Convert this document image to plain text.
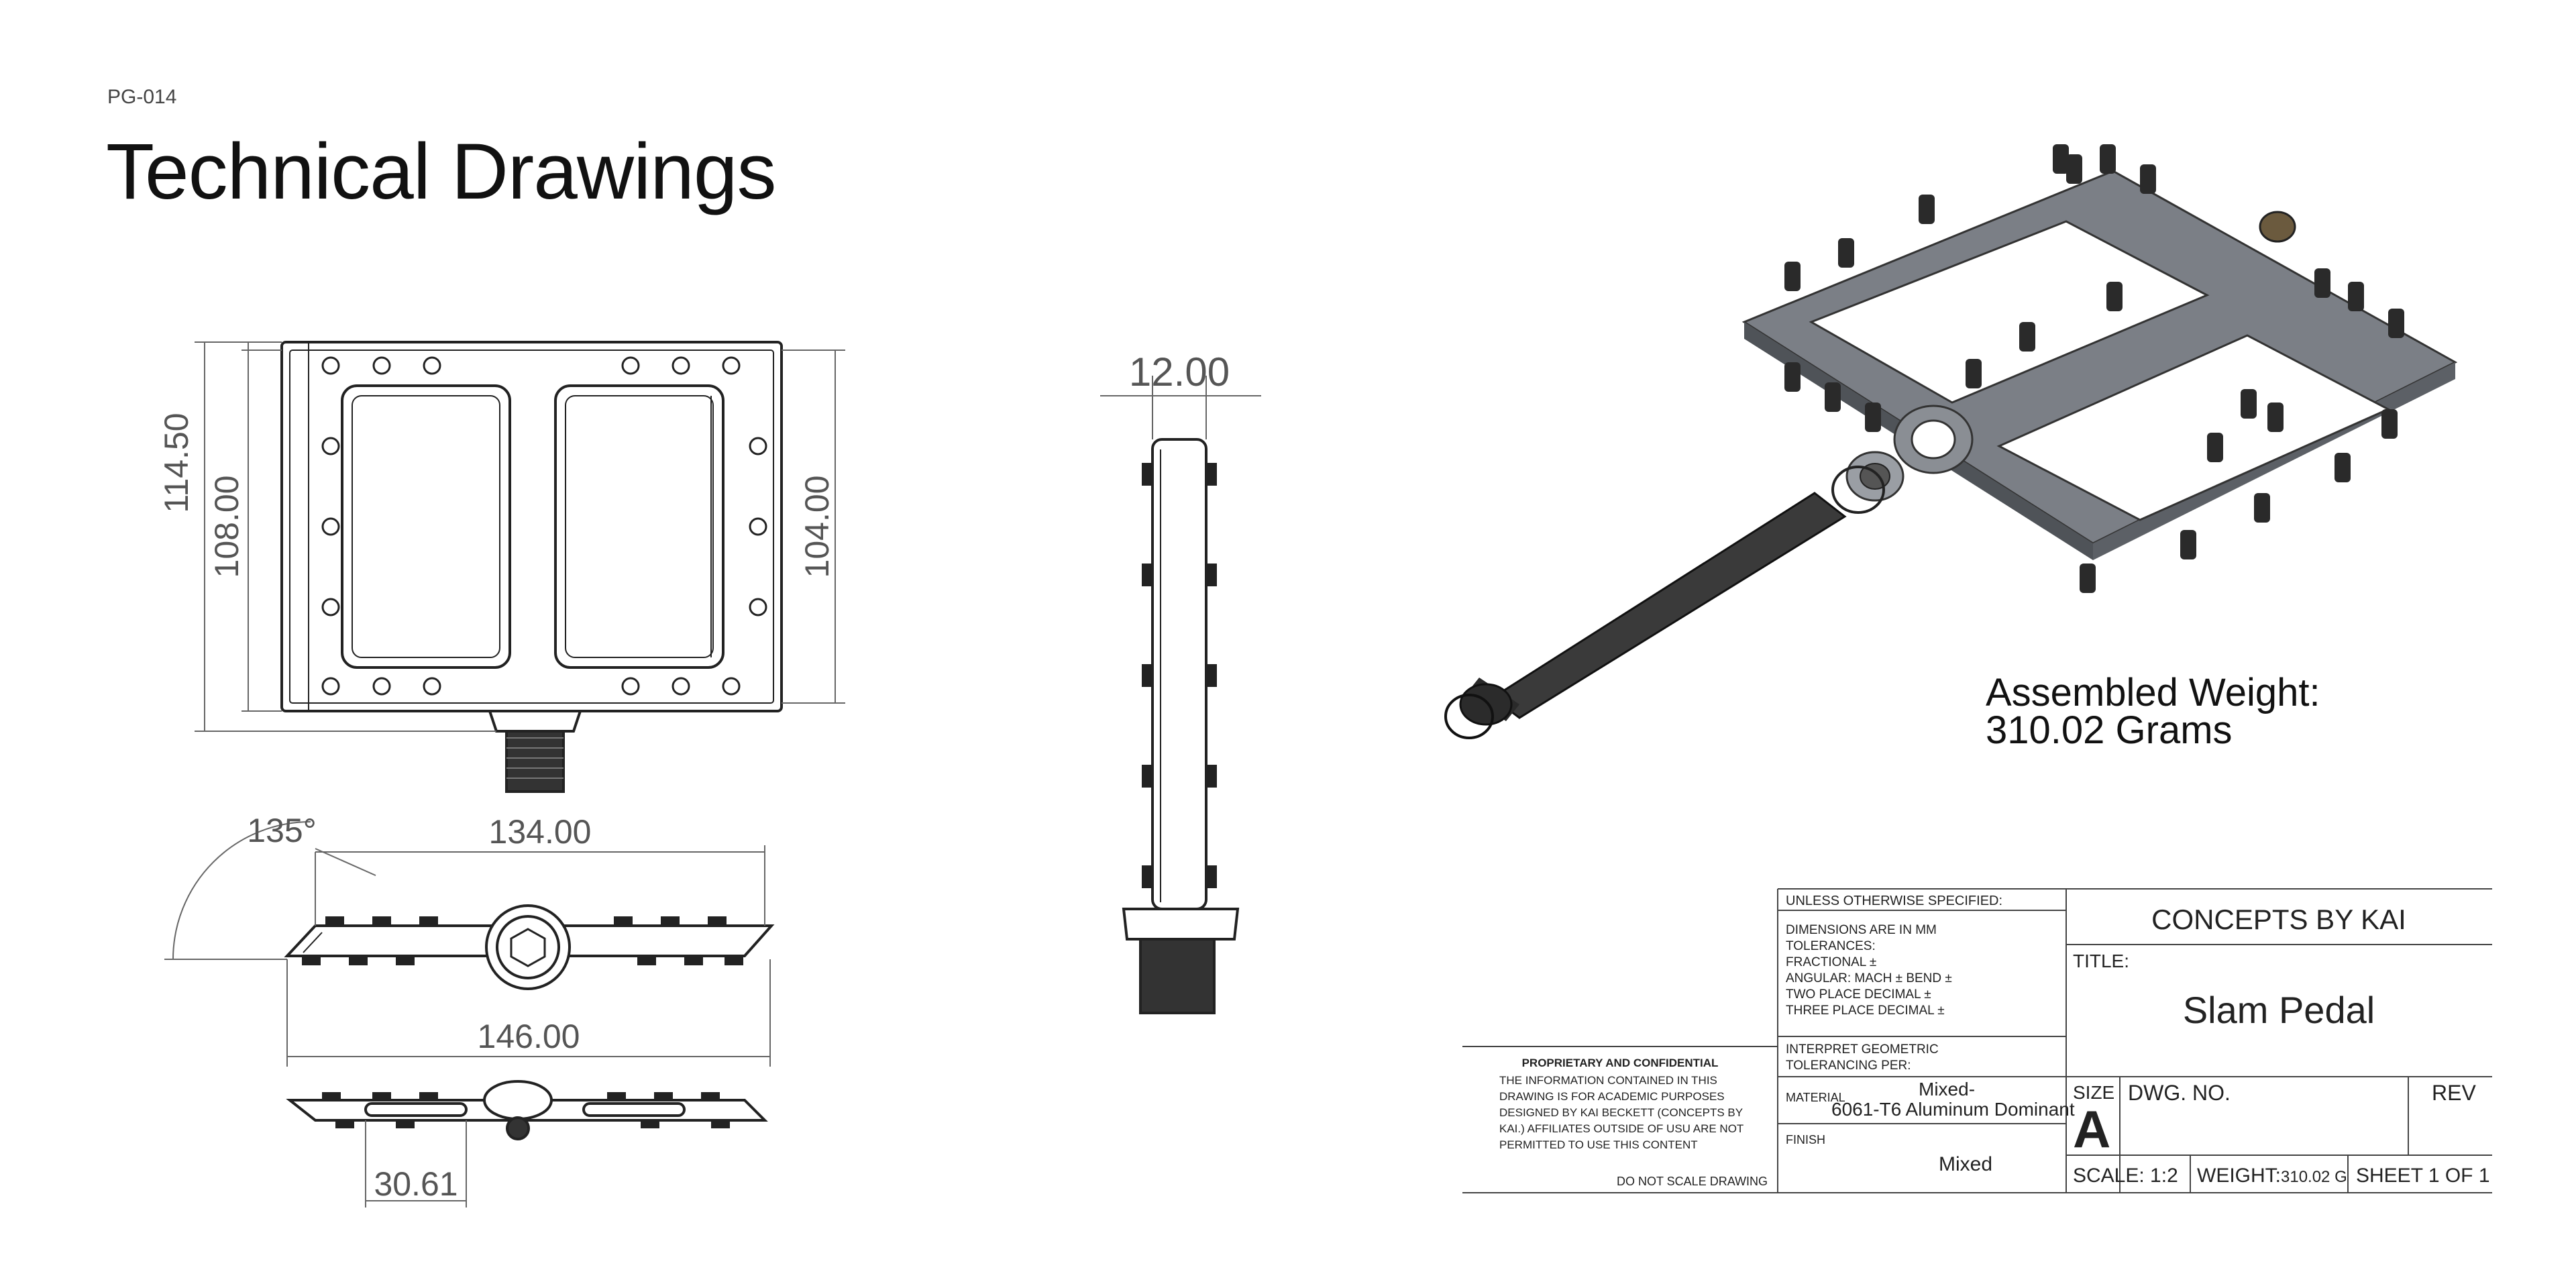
PG-014
Technical Drawings
114.50
108.00	104.00
12.00
135°	134.00
146.00
30.61
UNLESS OTHERWISE SPECIFIED:
DIMENSIONS ARE IN MM
TOLERANCES:
FRACTIONAL ±
ANGULAR: MACH ± BEND ±
TWO PLACE DECIMAL ±
THREE PLACE DECIMAL ±
INTERPRET GEOMETRIC
TOLERANCING PER:
MATERIAL	Mixed-
6061-T6 Aluminum Dominant
FINISH
Mixed
CONCEPTS BY KAI
TITLE:
Slam Pedal
SIZE
A
DWG. NO.	REV
SCALE: 1:2 WEIGHT: 310.02 G SHEET 1 OF 1
PROPRIETARY AND CONFIDENTIAL
THE INFORMATION CONTAINED IN THIS
DRAWING IS FOR ACADEMIC PURPOSES
DESIGNED BY KAI BECKETT (CONCEPTS BY
KAI.) AFFILIATES OUTSIDE OF USU ARE NOT
PERMITTED TO USE THIS CONTENT
DO NOT SCALE DRAWING
Assembled Weight:
310.02 Grams
